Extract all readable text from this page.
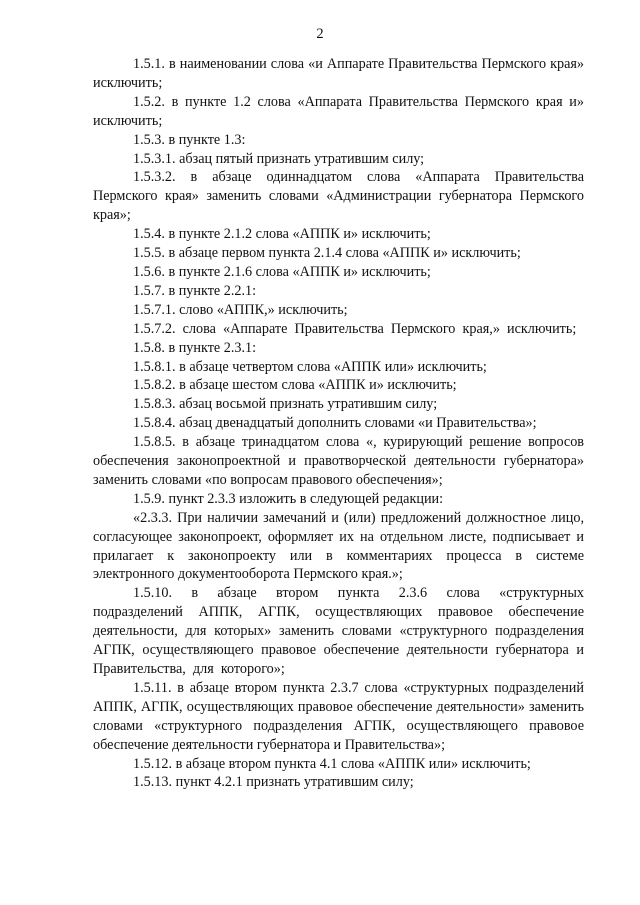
2

1.5.1. в наименовании слова «и Аппарате Правительства Пермского края» исключить;

1.5.2. в пункте 1.2 слова «Аппарата Правительства Пермского края и» исключить;

1.5.3. в пункте 1.3:

1.5.3.1. абзац пятый признать утратившим силу;

1.5.3.2. в абзаце одиннадцатом слова «Аппарата Правительства Пермского края» заменить словами «Администрации губернатора Пермского края»;

1.5.4. в пункте 2.1.2 слова «АППК и» исключить;

1.5.5. в абзаце первом пункта 2.1.4 слова «АППК и» исключить;

1.5.6. в пункте 2.1.6 слова «АППК и» исключить;

1.5.7. в пункте 2.2.1:

1.5.7.1. слово «АППК,» исключить;

1.5.7.2. слова «Аппарате Правительства Пермского края,» исключить;

1.5.8. в пункте 2.3.1:

1.5.8.1. в абзаце четвертом слова «АППК или» исключить;

1.5.8.2. в абзаце шестом слова «АППК и» исключить;

1.5.8.3. абзац восьмой признать утратившим силу;

1.5.8.4. абзац двенадцатый дополнить словами «и Правительства»;

1.5.8.5. в абзаце тринадцатом слова «, курирующий решение вопросов обеспечения законопроектной и правотворческой деятельности губернатора» заменить словами «по вопросам правового обеспечения»;

1.5.9. пункт 2.3.3 изложить в следующей редакции:

«2.3.3. При наличии замечаний и (или) предложений должностное лицо, согласующее законопроект, оформляет их на отдельном листе, подписывает и прилагает к законопроекту или в комментариях процесса в системе электронного документооборота Пермского края.»;

1.5.10. в абзаце втором пункта 2.3.6 слова «структурных подразделений АППК, АГПК, осуществляющих правовое обеспечение деятельности, для которых» заменить словами «структурного подразделения АГПК, осуществляющего правовое обеспечение деятельности губернатора и Правительства, для которого»;

1.5.11. в абзаце втором пункта 2.3.7 слова «структурных подразделений АППК, АГПК, осуществляющих правовое обеспечение деятельности» заменить словами «структурного подразделения АГПК, осуществляющего правовое обеспечение деятельности губернатора и Правительства»;

1.5.12. в абзаце втором пункта 4.1 слова «АППК или» исключить;

1.5.13. пункт 4.2.1 признать утратившим силу;
